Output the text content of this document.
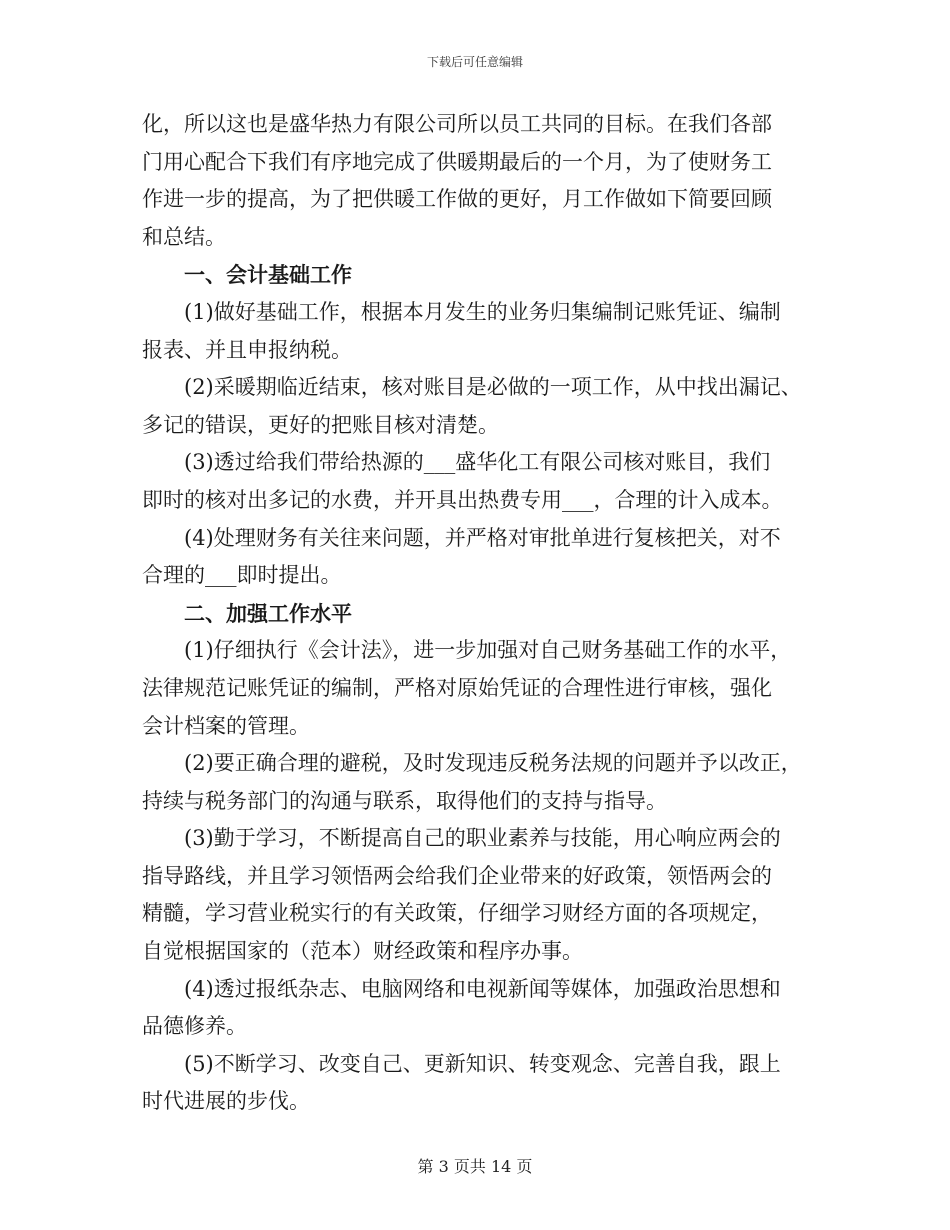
下载后可任意编辑
化，所以这也是盛华热力有限公司所以员工共同的目标。在我们各部
门用心配合下我们有序地完成了供暖期最后的一个月，为了使财务工
作进一步的提高，为了把供暖工作做的更好，月工作做如下简要回顾
和总结。
一、会计基础工作
(1)做好基础工作，根据本月发生的业务归集编制记账凭证、编制
报表、并且申报纳税。
(2)采暖期临近结束，核对账目是必做的一项工作，从中找出漏记、
多记的错误，更好的把账目核对清楚。
(3)透过给我们带给热源的___盛华化工有限公司核对账目，我们
即时的核对出多记的水费，并开具出热费专用___，合理的计入成本。
(4)处理财务有关往来问题，并严格对审批单进行复核把关，对不
合理的___即时提出。
二、加强工作水平
(1)仔细执行《会计法》，进一步加强对自己财务基础工作的水平，
法律规范记账凭证的编制，严格对原始凭证的合理性进行审核，强化
会计档案的管理。
(2)要正确合理的避税，及时发现违反税务法规的问题并予以改正，
持续与税务部门的沟通与联系，取得他们的支持与指导。
(3)勤于学习，不断提高自己的职业素养与技能，用心响应两会的
指导路线，并且学习领悟两会给我们企业带来的好政策，领悟两会的
精髓，学习营业税实行的有关政策，仔细学习财经方面的各项规定，
自觉根据国家的（范本）财经政策和程序办事。
(4)透过报纸杂志、电脑网络和电视新闻等媒体，加强政治思想和
品德修养。
(5)不断学习、改变自己、更新知识、转变观念、完善自我，跟上
时代进展的步伐。
第 3 页共 14 页
